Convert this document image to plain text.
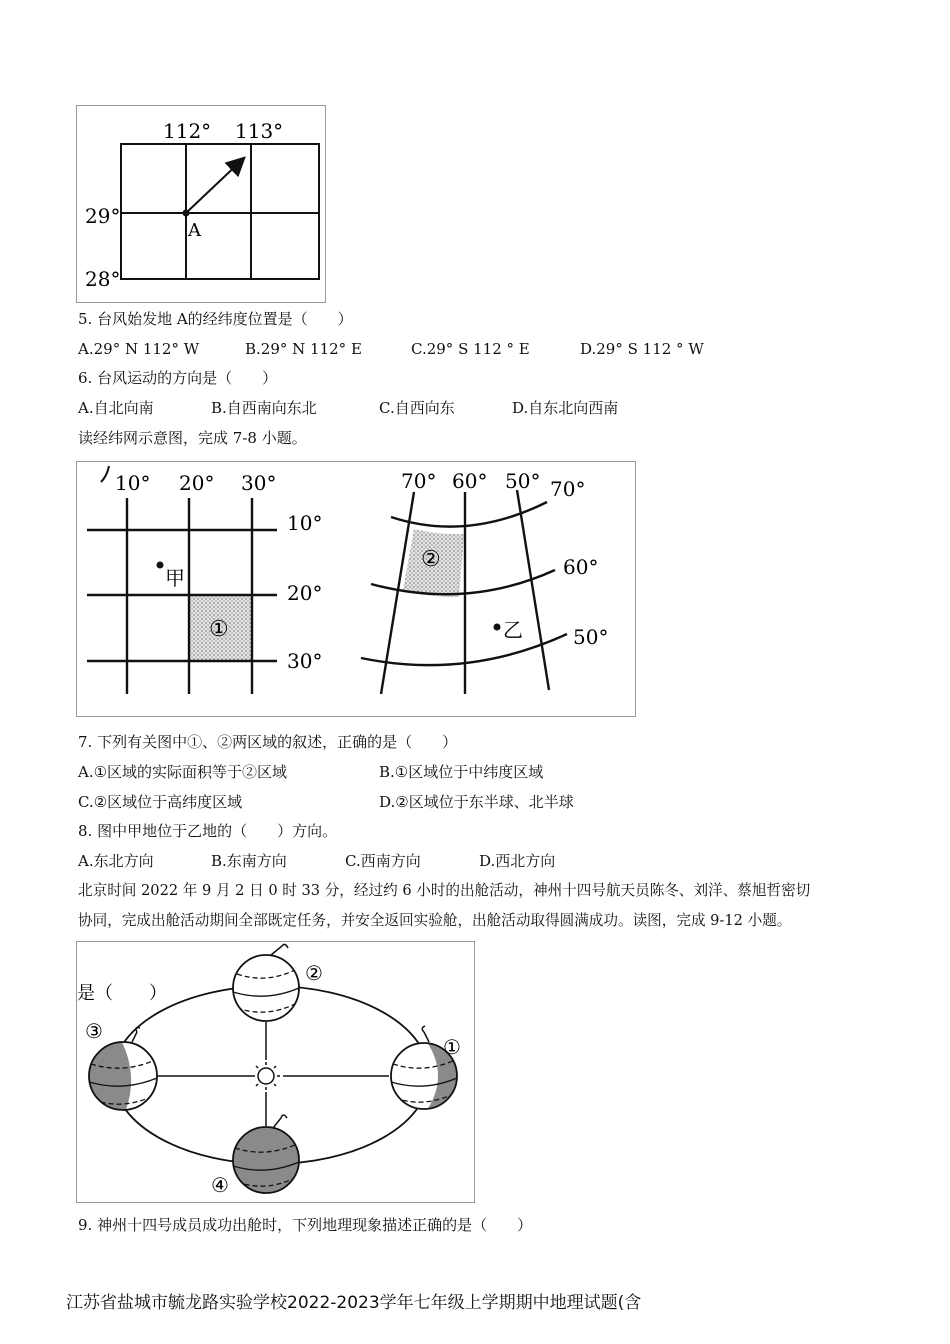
112° 113°
29°
28°
A
5. 台风始发地 A的经纬度位置是（　　）
A.29° N 112° W	B.29° N 112° E	C.29° S 112 ° E	D.29° S 112 ° W
6. 台风运动的方向是（　　）
A.自北向南	B.自西南向东北	C.自西向东	D.自东北向西南
读经纬网示意图，完成 7-8 小题。
10° 20° 30°
10°
20°
30°
甲
①
70° 60° 50° 70°
60°
50°
②
乙
7. 下列有关图中①、②两区域的叙述，正确的是（　　）
A.①区域的实际面积等于②区域	B.①区域位于中纬度区域
C.②区域位于高纬度区域	D.②区域位于东半球、北半球
8. 图中甲地位于乙地的（　　）方向。
A.东北方向	B.东南方向	C.西南方向	D.西北方向
北京时间 2022 年 9 月 2 日 0 时 33 分，经过约 6 小时的出舱活动，神州十四号航天员陈冬、刘洋、蔡旭哲密切
协同，完成出舱活动期间全部既定任务，并安全返回实验舱，出舱活动取得圆满成功。读图，完成 9-12 小题。
是（　　）
①
②
③
④
9. 神州十四号成员成功出舱时，下列地理现象描述正确的是（　　）
江苏省盐城市毓龙路实验学校2022-2023学年七年级上学期期中地理试题(含
